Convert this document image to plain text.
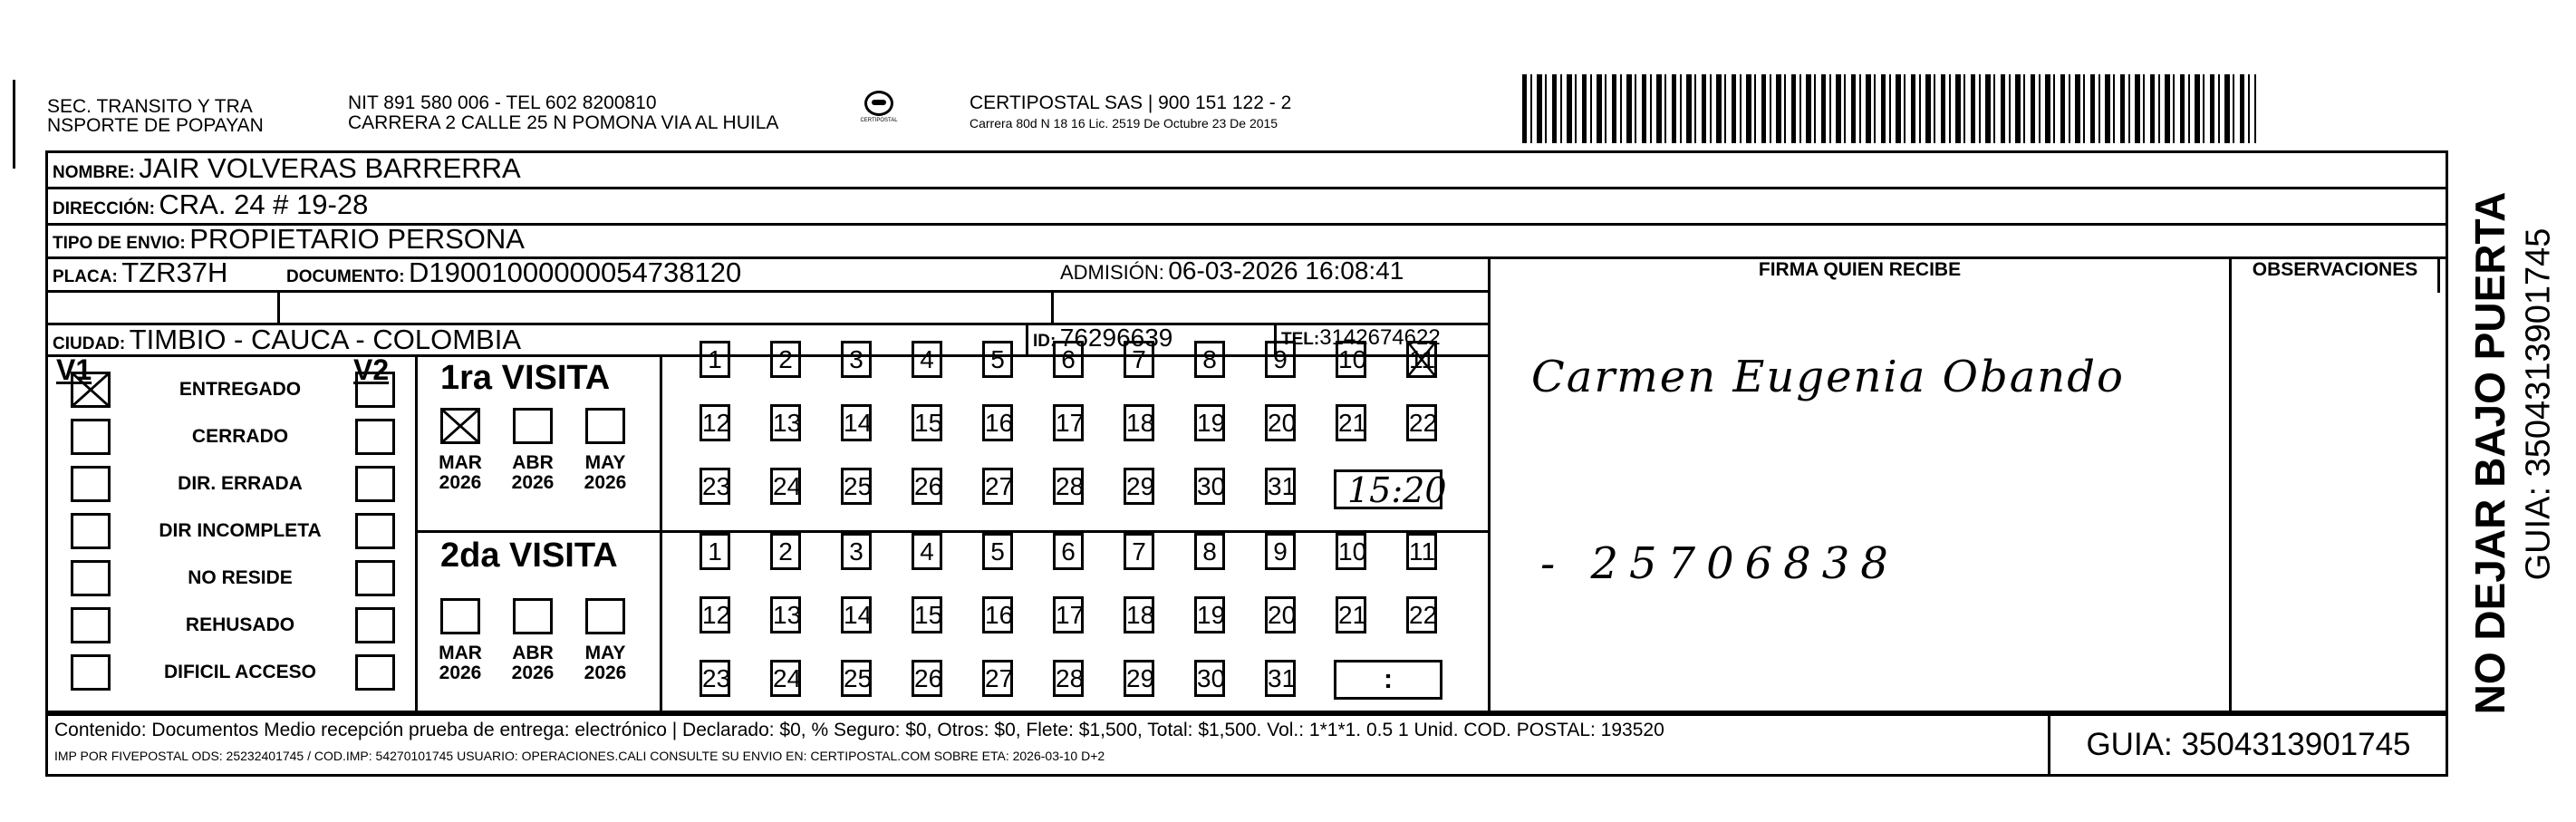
SEC. TRANSITO Y TRA
NSPORTE DE POPAYAN
NIT 891 580 006 - TEL 602 8200810
CARRERA 2 CALLE 25 N POMONA VIA AL HUILA	CERTIPOSTAL
CERTIPOSTAL SAS | 900 151 122 - 2
Carrera 80d N 18 16 Lic. 2519 De Octubre 23 De 2015
NOMBRE: JAIR VOLVERAS BARRERRA
DIRECCIÓN: CRA. 24 # 19-28
TIPO DE ENVIO: PROPIETARIO PERSONA
PLACA: TZR37H	DOCUMENTO: D19001000000054738120	ADMISIÓN: 06-03-2026 16:08:41
CIUDAD: TIMBIO - CAUCA - COLOMBIA	ID: 76296639	TEL:3142674622
FIRMA QUIEN RECIBE	OBSERVACIONES
V1	V2
ENTREGADO
CERRADO
DIR. ERRADA
DIR INCOMPLETA
NO RESIDE
REHUSADO
DIFICIL ACCESO
1ra VISITA
2da VISITA
MAR
2026
ABR
2026
MAY
2026
MAR
2026
ABR
2026
MAY
2026
1	2	3	4	5	6	7	8	9	10 11
12 13 14 15 16 17 18 19 20 21 22
23 24 25 26 27 28 29 30 31
1	2	3	4	5	6	7	8	9	10 11
12 13 14 15 16 17 18 19 20 21 22
23 24 25 26 27 28 29 30 31
15:20
:
Carmen Eugenia Obando
- 25706838
Contenido: Documentos Medio recepción prueba de entrega: electrónico | Declarado: $0, % Seguro: $0, Otros: $0, Flete: $1,500, Total: $1,500. Vol.: 1*1*1. 0.5 1 Unid. COD. POSTAL: 193520
IMP POR FIVEPOSTAL ODS: 25232401745 / COD.IMP: 54270101745 USUARIO: OPERACIONES.CALI CONSULTE SU ENVIO EN: CERTIPOSTAL.COM SOBRE ETA: 2026-03-10 D+2	GUIA: 3504313901745
NO DEJAR BAJO PUERTA GUIA: 3504313901745
